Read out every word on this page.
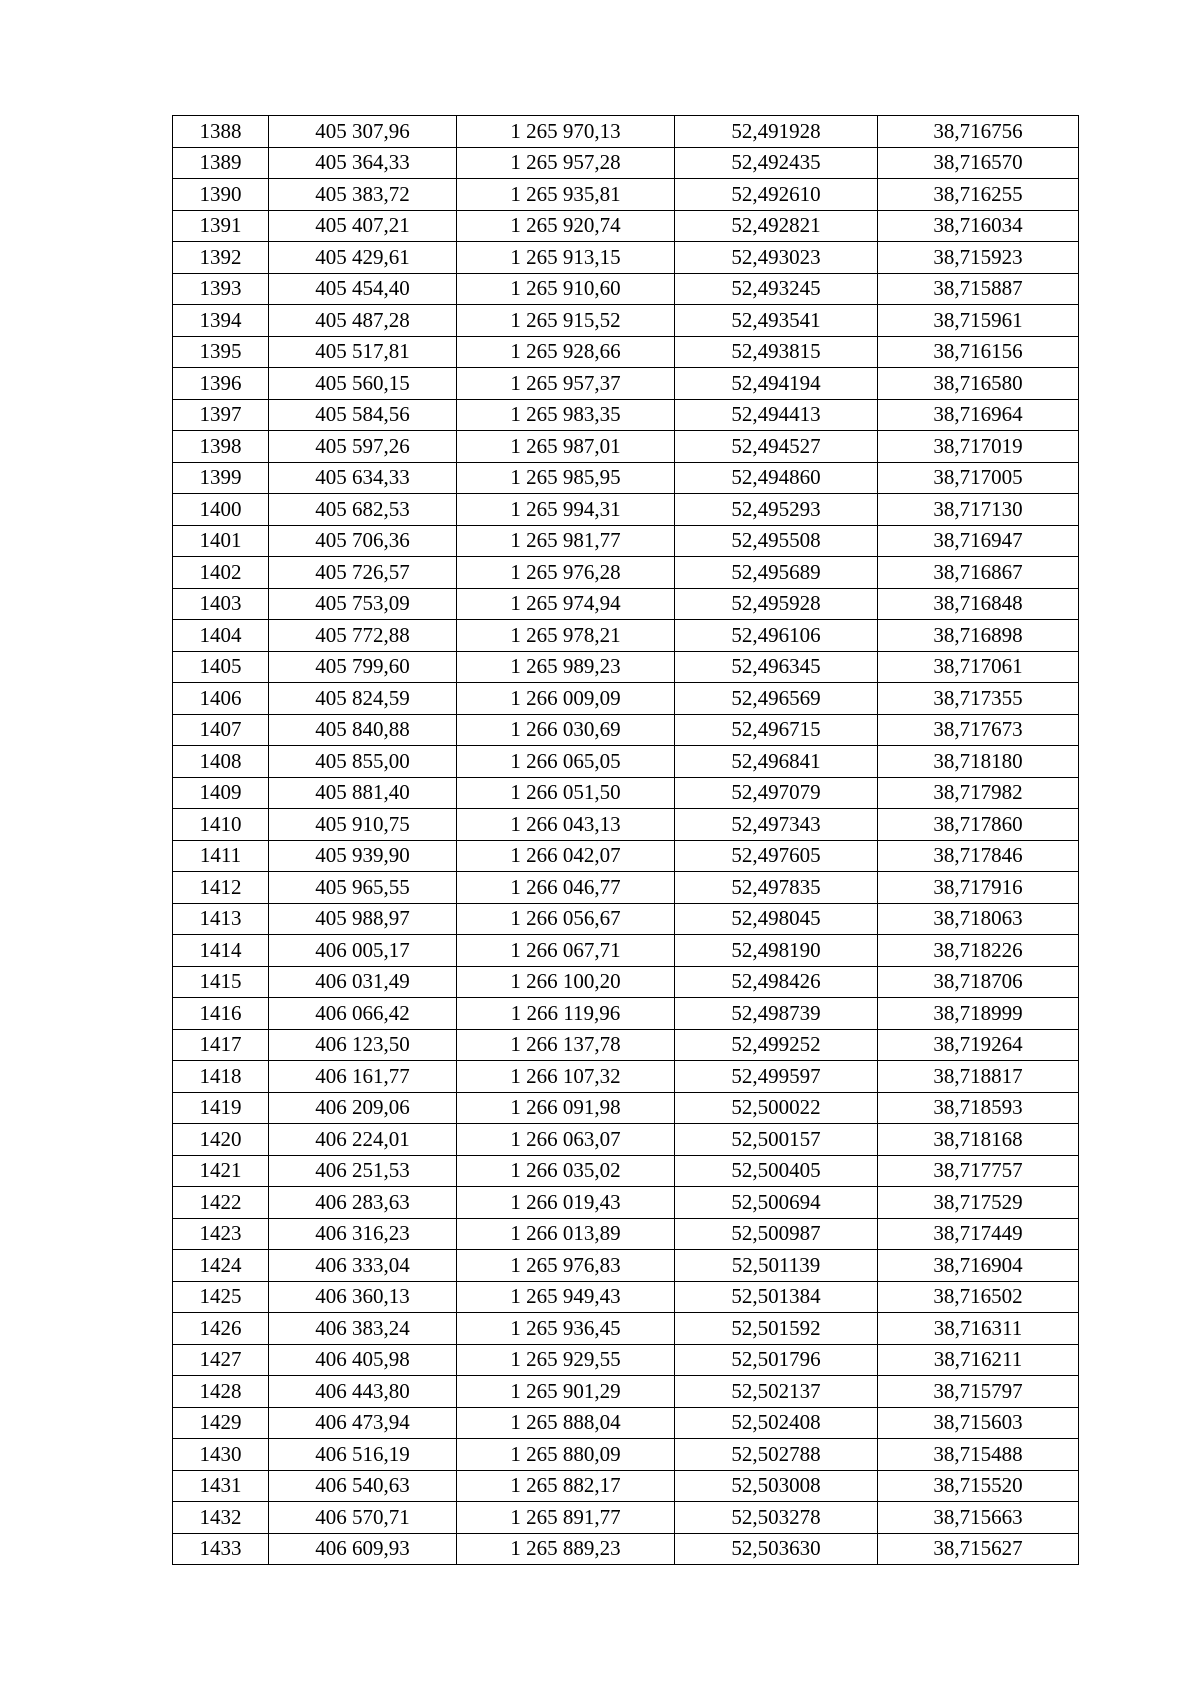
1388	405 307,96	1 265 970,13	52,491928	38,716756
1389	405 364,33	1 265 957,28	52,492435	38,716570
1390	405 383,72	1 265 935,81	52,492610	38,716255
1391	405 407,21	1 265 920,74	52,492821	38,716034
1392	405 429,61	1 265 913,15	52,493023	38,715923
1393	405 454,40	1 265 910,60	52,493245	38,715887
1394	405 487,28	1 265 915,52	52,493541	38,715961
1395	405 517,81	1 265 928,66	52,493815	38,716156
1396	405 560,15	1 265 957,37	52,494194	38,716580
1397	405 584,56	1 265 983,35	52,494413	38,716964
1398	405 597,26	1 265 987,01	52,494527	38,717019
1399	405 634,33	1 265 985,95	52,494860	38,717005
1400	405 682,53	1 265 994,31	52,495293	38,717130
1401	405 706,36	1 265 981,77	52,495508	38,716947
1402	405 726,57	1 265 976,28	52,495689	38,716867
1403	405 753,09	1 265 974,94	52,495928	38,716848
1404	405 772,88	1 265 978,21	52,496106	38,716898
1405	405 799,60	1 265 989,23	52,496345	38,717061
1406	405 824,59	1 266 009,09	52,496569	38,717355
1407	405 840,88	1 266 030,69	52,496715	38,717673
1408	405 855,00	1 266 065,05	52,496841	38,718180
1409	405 881,40	1 266 051,50	52,497079	38,717982
1410	405 910,75	1 266 043,13	52,497343	38,717860
1411	405 939,90	1 266 042,07	52,497605	38,717846
1412	405 965,55	1 266 046,77	52,497835	38,717916
1413	405 988,97	1 266 056,67	52,498045	38,718063
1414	406 005,17	1 266 067,71	52,498190	38,718226
1415	406 031,49	1 266 100,20	52,498426	38,718706
1416	406 066,42	1 266 119,96	52,498739	38,718999
1417	406 123,50	1 266 137,78	52,499252	38,719264
1418	406 161,77	1 266 107,32	52,499597	38,718817
1419	406 209,06	1 266 091,98	52,500022	38,718593
1420	406 224,01	1 266 063,07	52,500157	38,718168
1421	406 251,53	1 266 035,02	52,500405	38,717757
1422	406 283,63	1 266 019,43	52,500694	38,717529
1423	406 316,23	1 266 013,89	52,500987	38,717449
1424	406 333,04	1 265 976,83	52,501139	38,716904
1425	406 360,13	1 265 949,43	52,501384	38,716502
1426	406 383,24	1 265 936,45	52,501592	38,716311
1427	406 405,98	1 265 929,55	52,501796	38,716211
1428	406 443,80	1 265 901,29	52,502137	38,715797
1429	406 473,94	1 265 888,04	52,502408	38,715603
1430	406 516,19	1 265 880,09	52,502788	38,715488
1431	406 540,63	1 265 882,17	52,503008	38,715520
1432	406 570,71	1 265 891,77	52,503278	38,715663
1433	406 609,93	1 265 889,23	52,503630	38,715627
